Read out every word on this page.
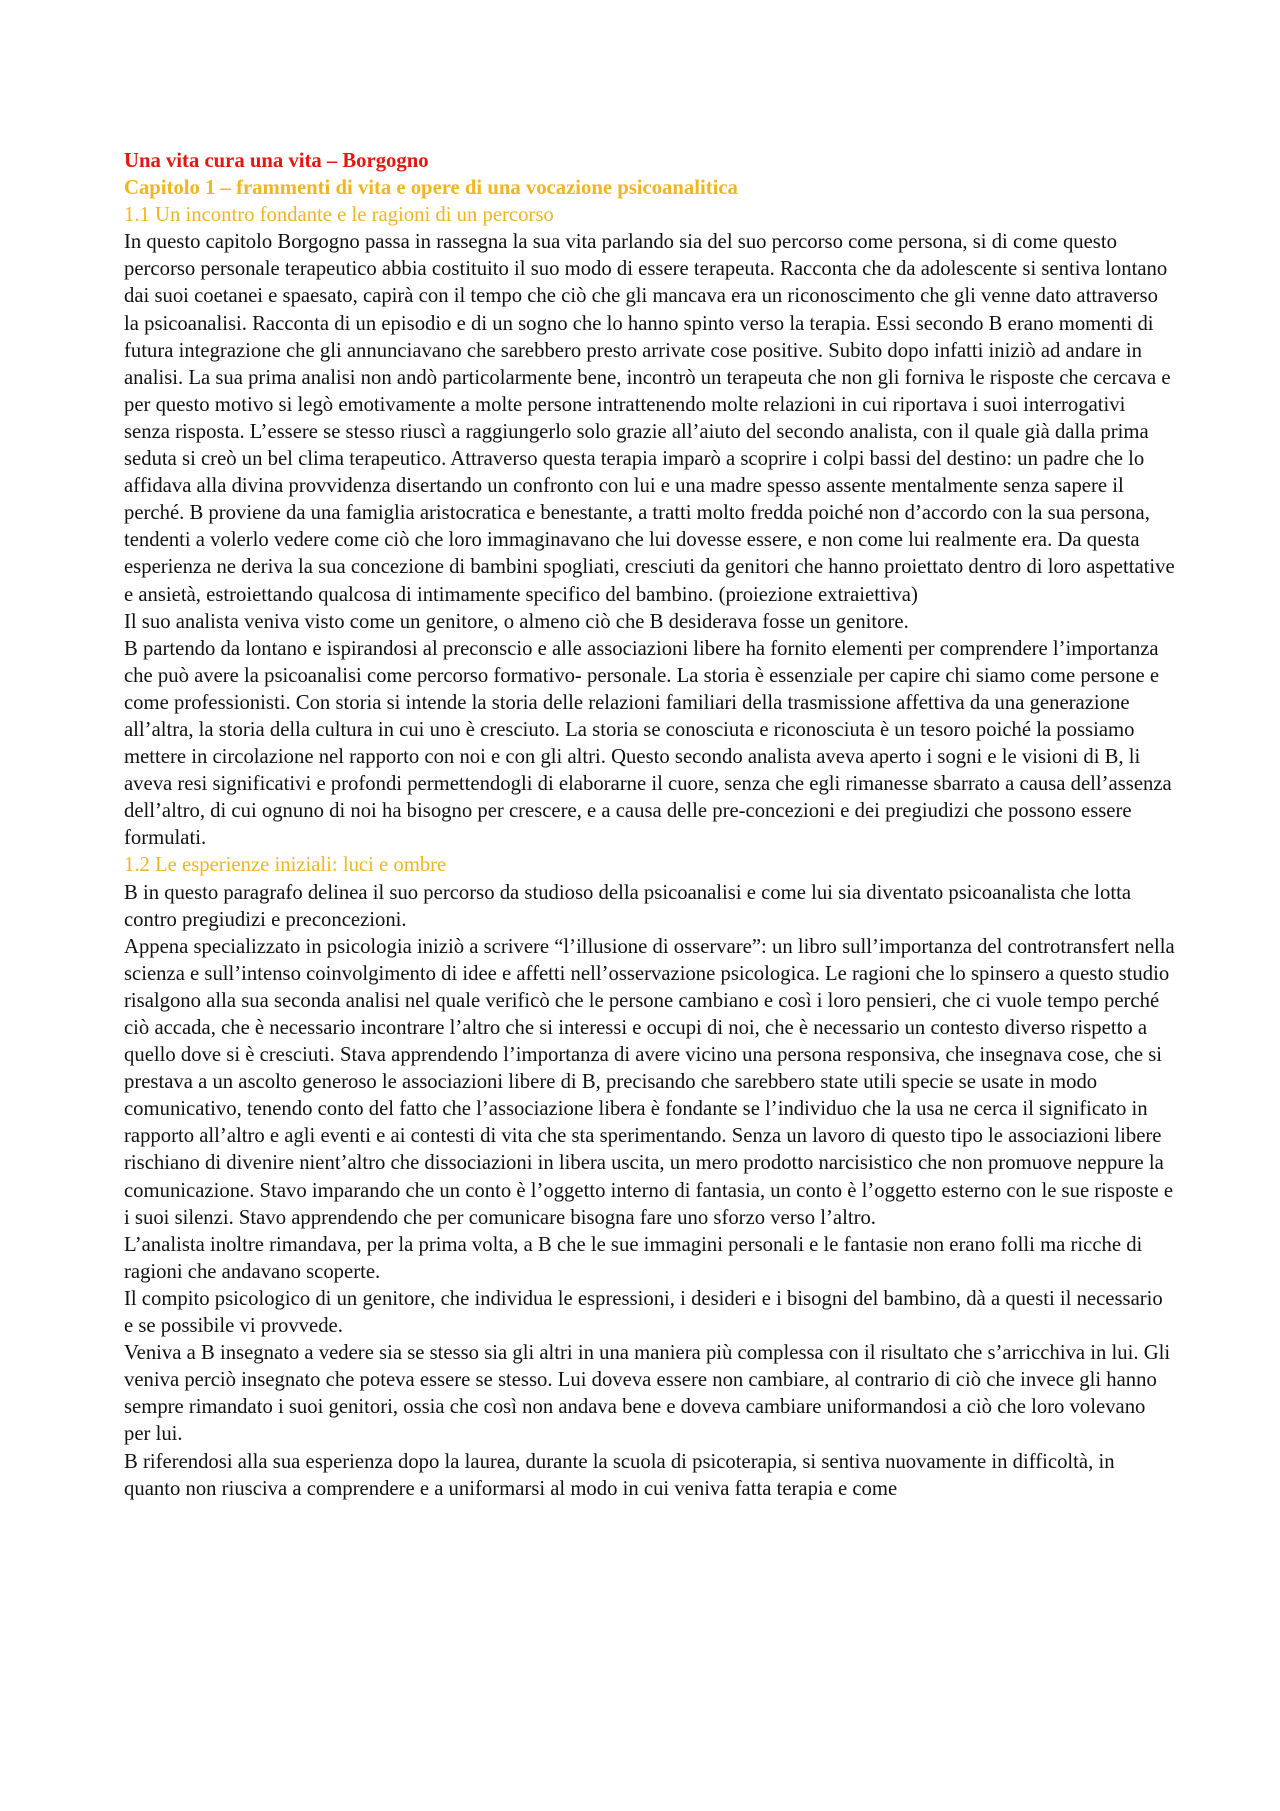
Una vita cura una vita – Borgogno

Capitolo 1 – frammenti di vita e opere di una vocazione psicoanalitica

1.1 Un incontro fondante e le ragioni di un percorso

In questo capitolo Borgogno passa in rassegna la sua vita parlando sia del suo percorso come persona, si di come questo percorso personale terapeutico abbia costituito il suo modo di essere terapeuta. Racconta che da adolescente si sentiva lontano dai suoi coetanei e spaesato, capirà con il tempo che ciò che gli mancava era un riconoscimento che gli venne dato attraverso la psicoanalisi. Racconta di un episodio e di un sogno che lo hanno spinto verso la terapia. Essi secondo B erano momenti di futura integrazione che gli annunciavano che sarebbero presto arrivate cose positive. Subito dopo infatti iniziò ad andare in analisi. La sua prima analisi non andò particolarmente bene, incontrò un terapeuta che non gli forniva le risposte che cercava e per questo motivo si legò emotivamente a molte persone intrattenendo molte relazioni in cui riportava i suoi interrogativi senza risposta. L’essere se stesso riuscì a raggiungerlo solo grazie all’aiuto del secondo analista, con il quale già dalla prima seduta si creò un bel clima terapeutico. Attraverso questa terapia imparò a scoprire i colpi bassi del destino: un padre che lo affidava alla divina provvidenza disertando un confronto con lui e una madre spesso assente mentalmente senza sapere il perché. B proviene da una famiglia aristocratica e benestante, a tratti molto fredda poiché non d’accordo con la sua persona, tendenti a volerlo vedere come ciò che loro immaginavano che lui dovesse essere, e non come lui realmente era. Da questa esperienza ne deriva la sua concezione di bambini spogliati, cresciuti da genitori che hanno proiettato dentro di loro aspettative e ansietà, estroiettando qualcosa di intimamente specifico del bambino. (proiezione extraiettiva)

Il suo analista veniva visto come un genitore, o almeno ciò che B desiderava fosse un genitore.

B partendo da lontano e ispirandosi al preconscio e alle associazioni libere ha fornito elementi per comprendere l’importanza che può avere la psicoanalisi come percorso formativo- personale. La storia è essenziale per capire chi siamo come persone e come professionisti. Con storia si intende la storia delle relazioni familiari della trasmissione affettiva da una generazione all’altra, la storia della cultura in cui uno è cresciuto. La storia se conosciuta e riconosciuta è un tesoro poiché la possiamo mettere in circolazione nel rapporto con noi e con gli altri. Questo secondo analista aveva aperto i sogni e le visioni di B, li aveva resi significativi e profondi permettendogli di elaborarne il cuore, senza che egli rimanesse sbarrato a causa dell’assenza dell’altro, di cui ognuno di noi ha bisogno per crescere, e a causa delle pre-concezioni e dei pregiudizi che possono essere formulati.

1.2 Le esperienze iniziali: luci e ombre

B in questo paragrafo delinea il suo percorso da studioso della psicoanalisi e come lui sia diventato psicoanalista che lotta contro pregiudizi e preconcezioni.

Appena specializzato in psicologia iniziò a scrivere “l’illusione di osservare”: un libro sull’importanza del controtransfert nella scienza e sull’intenso coinvolgimento di idee e affetti nell’osservazione psicologica. Le ragioni che lo spinsero a questo studio risalgono alla sua seconda analisi nel quale verificò che le persone cambiano e così i loro pensieri, che ci vuole tempo perché ciò accada, che è necessario incontrare l’altro che si interessi e occupi di noi, che è necessario un contesto diverso rispetto a quello dove si è cresciuti. Stava apprendendo l’importanza di avere vicino una persona responsiva, che insegnava cose, che si prestava a un ascolto generoso le associazioni libere di B, precisando che sarebbero state utili specie se usate in modo comunicativo, tenendo conto del fatto che l’associazione libera è fondante se l’individuo che la usa ne cerca il significato in rapporto all’altro e agli eventi e ai contesti di vita che sta sperimentando. Senza un lavoro di questo tipo le associazioni libere rischiano di divenire nient’altro che dissociazioni in libera uscita, un mero prodotto narcisistico che non promuove neppure la comunicazione. Stavo imparando che un conto è l’oggetto interno di fantasia, un conto è l’oggetto esterno con le sue risposte e i suoi silenzi. Stavo apprendendo che per comunicare bisogna fare uno sforzo verso l’altro.

L’analista inoltre rimandava, per la prima volta, a B che le sue immagini personali e le fantasie non erano folli ma ricche di ragioni che andavano scoperte.

Il compito psicologico di un genitore, che individua le espressioni, i desideri e i bisogni del bambino, dà a questi il necessario e se possibile vi provvede.

Veniva a B insegnato a vedere sia se stesso sia gli altri in una maniera più complessa con il risultato che s’arricchiva in lui. Gli veniva perciò insegnato che poteva essere se stesso. Lui doveva essere non cambiare, al contrario di ciò che invece gli hanno sempre rimandato i suoi genitori, ossia che così non andava bene e doveva cambiare uniformandosi a ciò che loro volevano per lui.

B riferendosi alla sua esperienza dopo la laurea, durante la scuola di psicoterapia, si sentiva nuovamente in difficoltà, in quanto non riusciva a comprendere e a uniformarsi al modo in cui veniva fatta terapia e come
